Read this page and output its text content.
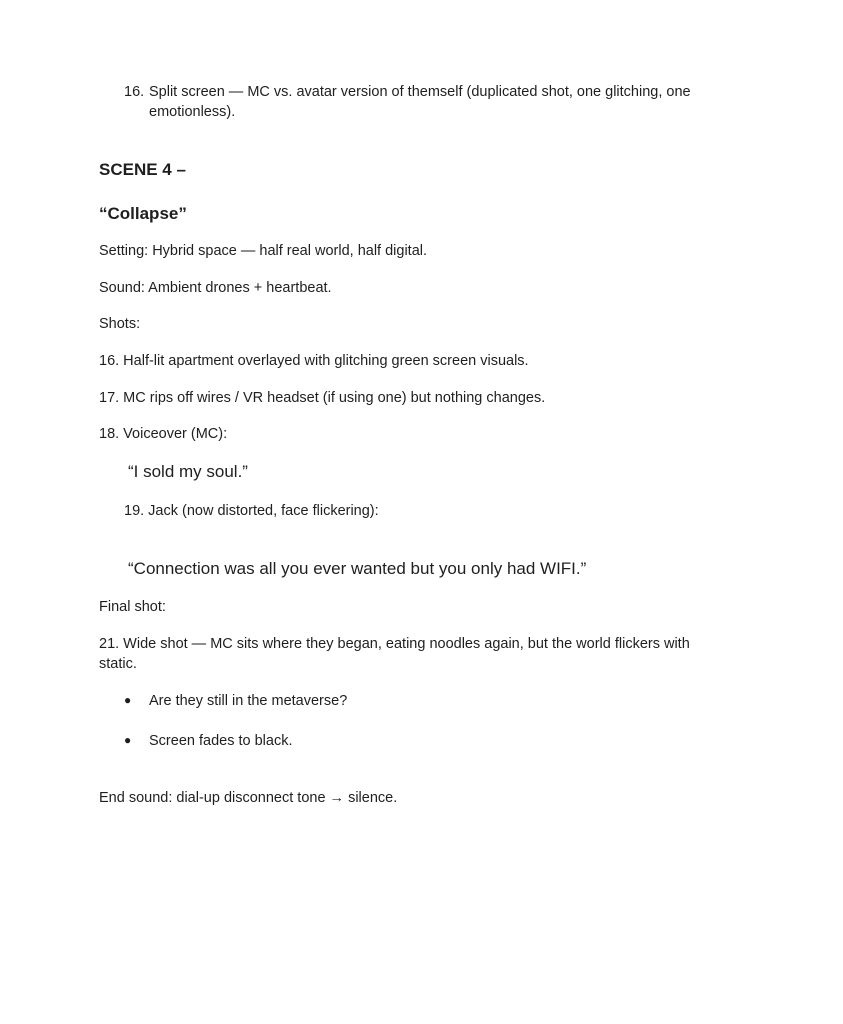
16. Split screen — MC vs. avatar version of themself (duplicated shot, one glitching, one emotionless).
SCENE 4 –
“Collapse”
Setting: Hybrid space — half real world, half digital.
Sound: Ambient drones + heartbeat.
Shots:
16. Half-lit apartment overlayed with glitching green screen visuals.
17. MC rips off wires / VR headset (if using one) but nothing changes.
18. Voiceover (MC):
“I sold my soul.”
19. Jack (now distorted, face flickering):
“Connection was all you ever wanted but you only had WIFI.”
Final shot:
21. Wide shot — MC sits where they began, eating noodles again, but the world flickers with
static.
● Are they still in the metaverse?
● Screen fades to black.
End sound: dial-up disconnect tone → silence.
